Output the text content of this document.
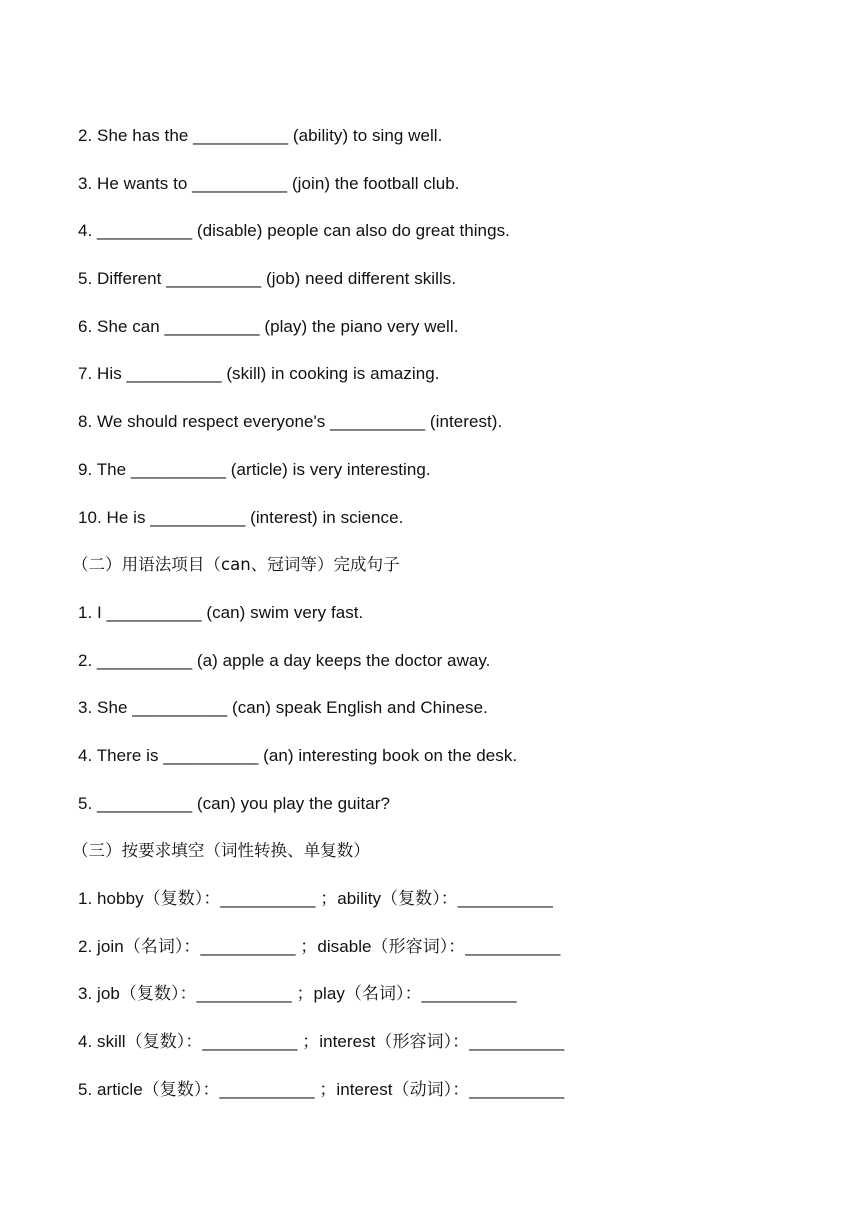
2. She has the __________ (ability) to sing well.
3. He wants to __________ (join) the football club.
4. __________ (disable) people can also do great things.
5. Different __________ (job) need different skills.
6. She can __________ (play) the piano very well.
7. His __________ (skill) in cooking is amazing.
8. We should respect everyone's __________ (interest).
9. The __________ (article) is very interesting.
10. He is __________ (interest) in science.
（二）用语法项目（can、冠词等）完成句子
1. I __________ (can) swim very fast.
2. __________ (a) apple a day keeps the doctor away.
3. She __________ (can) speak English and Chinese.
4. There is __________ (an) interesting book on the desk.
5. __________ (can) you play the guitar?
（三）按要求填空（词性转换、单复数）
1. hobby（复数）：__________ ；ability（复数）：__________
2. join（名词）：__________ ；disable（形容词）：__________
3. job（复数）：__________ ；play（名词）：__________
4. skill（复数）：__________ ；interest（形容词）：__________
5. article（复数）：__________ ；interest（动词）：__________
